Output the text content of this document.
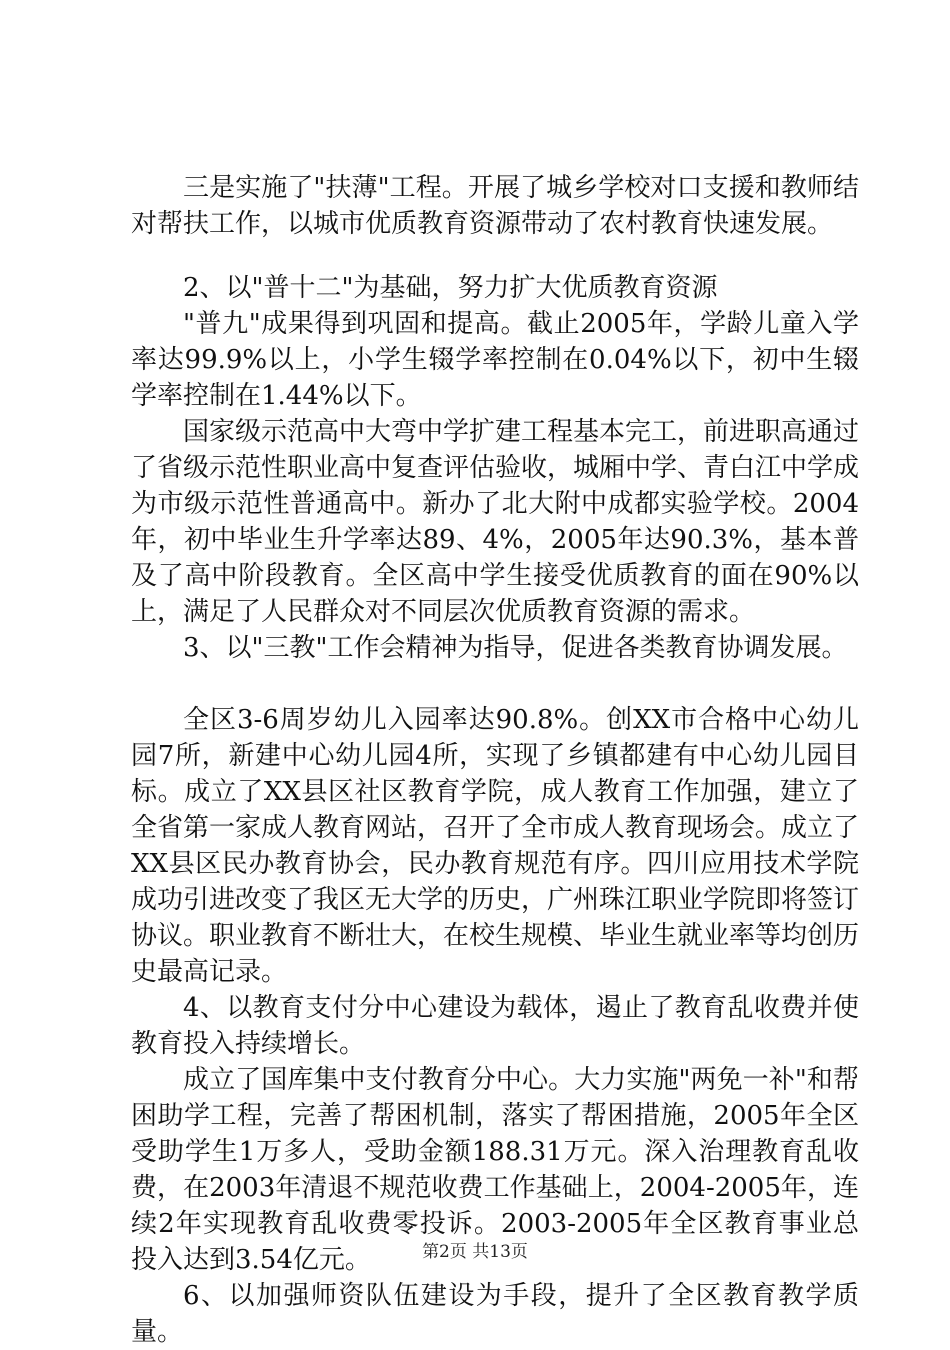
三是实施了"扶薄"工程。开展了城乡学校对口支援和教师结对帮扶工作，以城市优质教育资源带动了农村教育快速发展。

2、以"普十二"为基础，努力扩大优质教育资源

"普九"成果得到巩固和提高。截止2005年，学龄儿童入学率达99.9%以上，小学生辍学率控制在0.04%以下，初中生辍学率控制在1.44%以下。

国家级示范高中大弯中学扩建工程基本完工，前进职高通过了省级示范性职业高中复查评估验收，城厢中学、青白江中学成为市级示范性普通高中。新办了北大附中成都实验学校。2004年，初中毕业生升学率达89、4%，2005年达90.3%，基本普及了高中阶段教育。全区高中学生接受优质教育的面在90%以上，满足了人民群众对不同层次优质教育资源的需求。

3、以"三教"工作会精神为指导，促进各类教育协调发展。

全区3-6周岁幼儿入园率达90.8%。创XX市合格中心幼儿园7所，新建中心幼儿园4所，实现了乡镇都建有中心幼儿园目标。成立了XX县区社区教育学院，成人教育工作加强，建立了全省第一家成人教育网站，召开了全市成人教育现场会。成立了XX县区民办教育协会，民办教育规范有序。四川应用技术学院成功引进改变了我区无大学的历史，广州珠江职业学院即将签订协议。职业教育不断壮大，在校生规模、毕业生就业率等均创历史最高记录。

4、以教育支付分中心建设为载体，遏止了教育乱收费并使教育投入持续增长。

成立了国库集中支付教育分中心。大力实施"两免一补"和帮困助学工程，完善了帮困机制，落实了帮困措施，2005年全区受助学生1万多人，受助金额188.31万元。深入治理教育乱收费，在2003年清退不规范收费工作基础上，2004-2005年，连续2年实现教育乱收费零投诉。2003-2005年全区教育事业总投入达到3.54亿元。

6、以加强师资队伍建设为手段，提升了全区教育教学质量。

第2页 共13页
